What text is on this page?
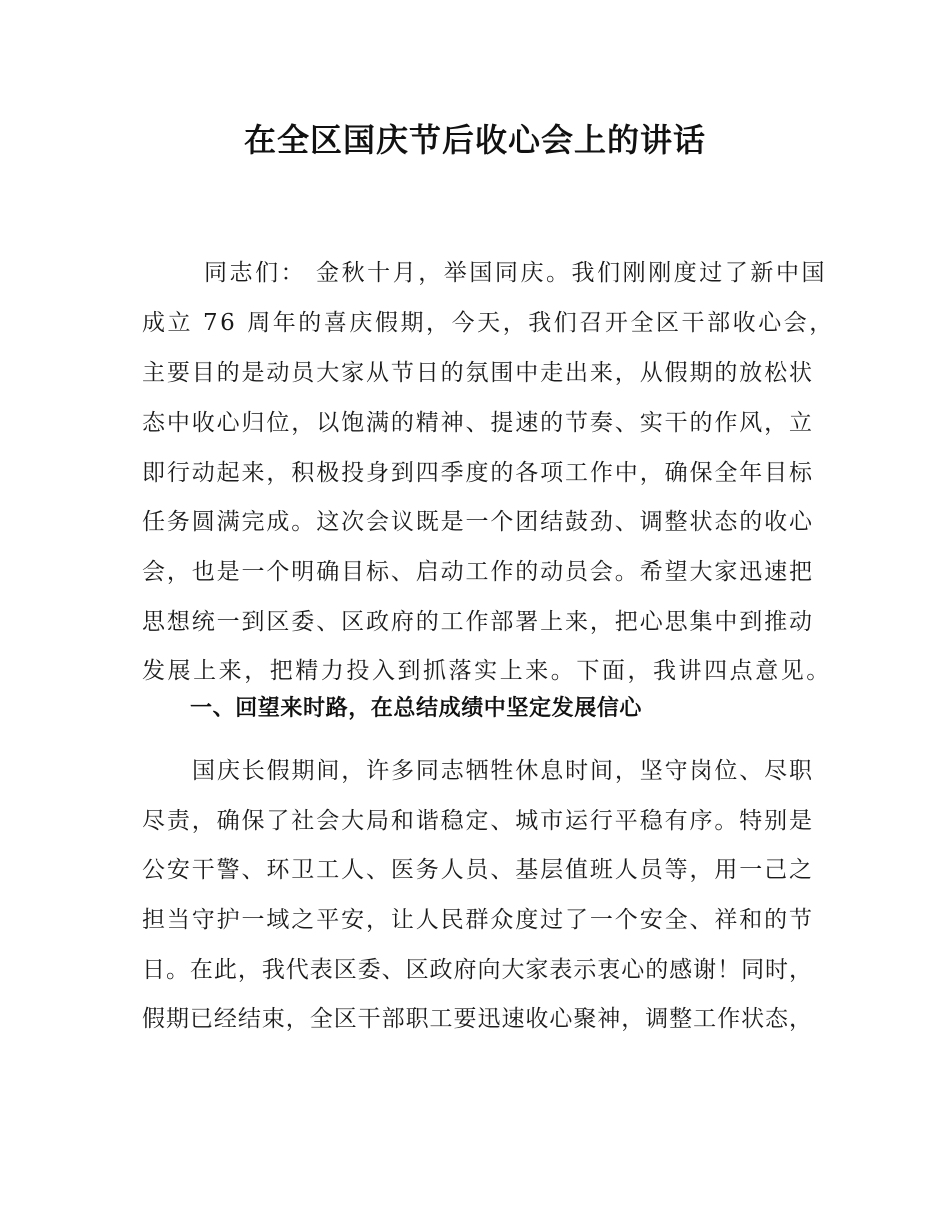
在全区国庆节后收心会上的讲话
同志们： 金秋十月，举国同庆。我们刚刚度过了新中国
成立 76 周年的喜庆假期，今天，我们召开全区干部收心会，
主要目的是动员大家从节日的氛围中走出来，从假期的放松状
态中收心归位，以饱满的精神、提速的节奏、实干的作风，立
即行动起来，积极投身到四季度的各项工作中，确保全年目标
任务圆满完成。这次会议既是一个团结鼓劲、调整状态的收心
会，也是一个明确目标、启动工作的动员会。希望大家迅速把
思想统一到区委、区政府的工作部署上来，把心思集中到推动
发展上来，把精力投入到抓落实上来。下面，我讲四点意见。
一、回望来时路，在总结成绩中坚定发展信心
国庆长假期间，许多同志牺牲休息时间，坚守岗位、尽职
尽责，确保了社会大局和谐稳定、城市运行平稳有序。特别是
公安干警、环卫工人、医务人员、基层值班人员等，用一己之
担当守护一域之平安，让人民群众度过了一个安全、祥和的节
日。在此，我代表区委、区政府向大家表示衷心的感谢！同时，
假期已经结束，全区干部职工要迅速收心聚神，调整工作状态，
